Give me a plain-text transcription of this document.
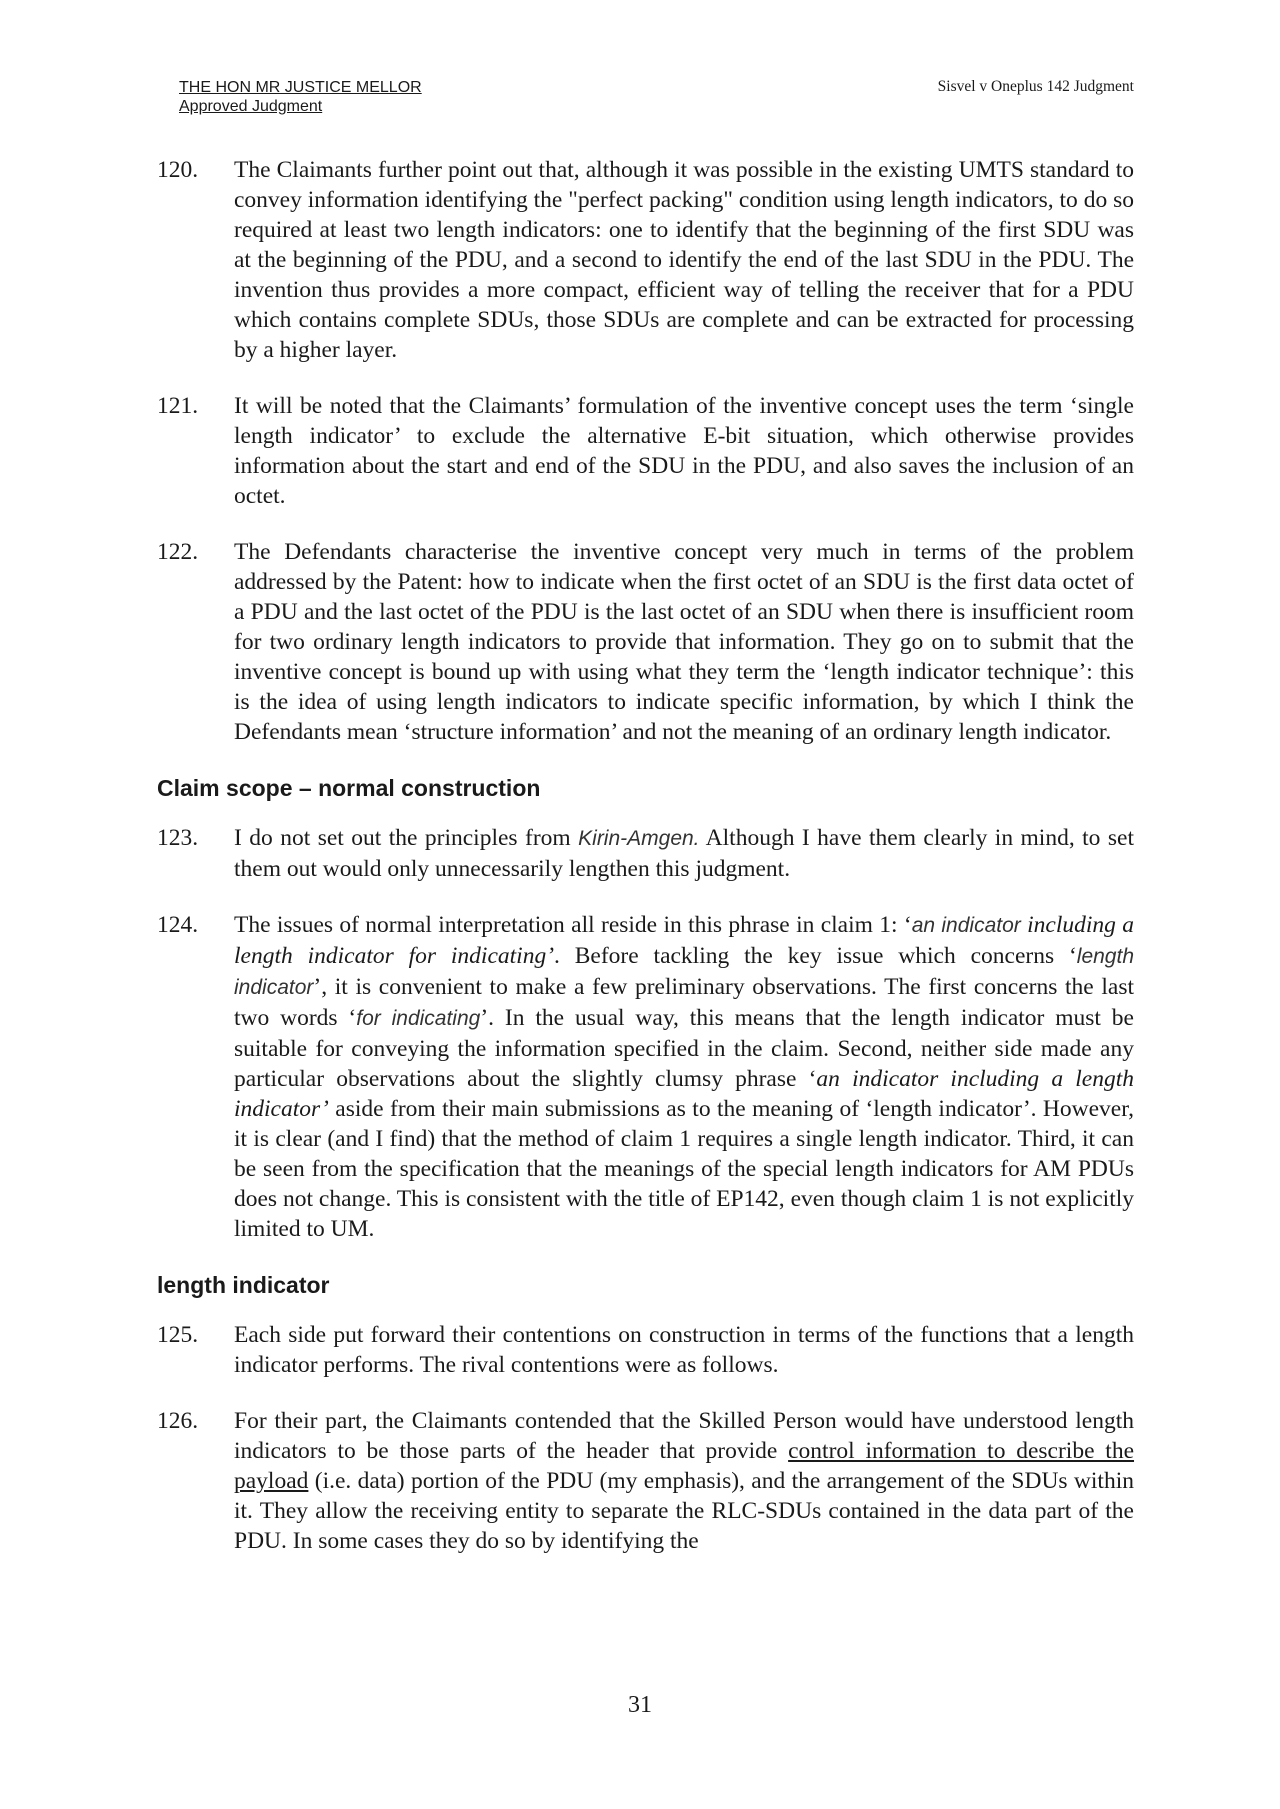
THE HON MR JUSTICE MELLOR
Approved Judgment
Sisvel v Oneplus 142 Judgment
120.	The Claimants further point out that, although it was possible in the existing UMTS standard to convey information identifying the "perfect packing" condition using length indicators, to do so required at least two length indicators: one to identify that the beginning of the first SDU was at the beginning of the PDU, and a second to identify the end of the last SDU in the PDU. The invention thus provides a more compact, efficient way of telling the receiver that for a PDU which contains complete SDUs, those SDUs are complete and can be extracted for processing by a higher layer.
121.	It will be noted that the Claimants’ formulation of the inventive concept uses the term ‘single length indicator’ to exclude the alternative E-bit situation, which otherwise provides information about the start and end of the SDU in the PDU, and also saves the inclusion of an octet.
122.	The Defendants characterise the inventive concept very much in terms of the problem addressed by the Patent: how to indicate when the first octet of an SDU is the first data octet of a PDU and the last octet of the PDU is the last octet of an SDU when there is insufficient room for two ordinary length indicators to provide that information. They go on to submit that the inventive concept is bound up with using what they term the ‘length indicator technique’: this is the idea of using length indicators to indicate specific information, by which I think the Defendants mean ‘structure information’ and not the meaning of an ordinary length indicator.
Claim scope – normal construction
123.	I do not set out the principles from Kirin-Amgen. Although I have them clearly in mind, to set them out would only unnecessarily lengthen this judgment.
124.	The issues of normal interpretation all reside in this phrase in claim 1: ‘an indicator including a length indicator for indicating’. Before tackling the key issue which concerns ‘length indicator’, it is convenient to make a few preliminary observations. The first concerns the last two words ‘for indicating’. In the usual way, this means that the length indicator must be suitable for conveying the information specified in the claim. Second, neither side made any particular observations about the slightly clumsy phrase ‘an indicator including a length indicator’ aside from their main submissions as to the meaning of ‘length indicator’. However, it is clear (and I find) that the method of claim 1 requires a single length indicator. Third, it can be seen from the specification that the meanings of the special length indicators for AM PDUs does not change. This is consistent with the title of EP142, even though claim 1 is not explicitly limited to UM.
length indicator
125.	Each side put forward their contentions on construction in terms of the functions that a length indicator performs. The rival contentions were as follows.
126.	For their part, the Claimants contended that the Skilled Person would have understood length indicators to be those parts of the header that provide control information to describe the payload (i.e. data) portion of the PDU (my emphasis), and the arrangement of the SDUs within it. They allow the receiving entity to separate the RLC-SDUs contained in the data part of the PDU. In some cases they do so by identifying the
31
